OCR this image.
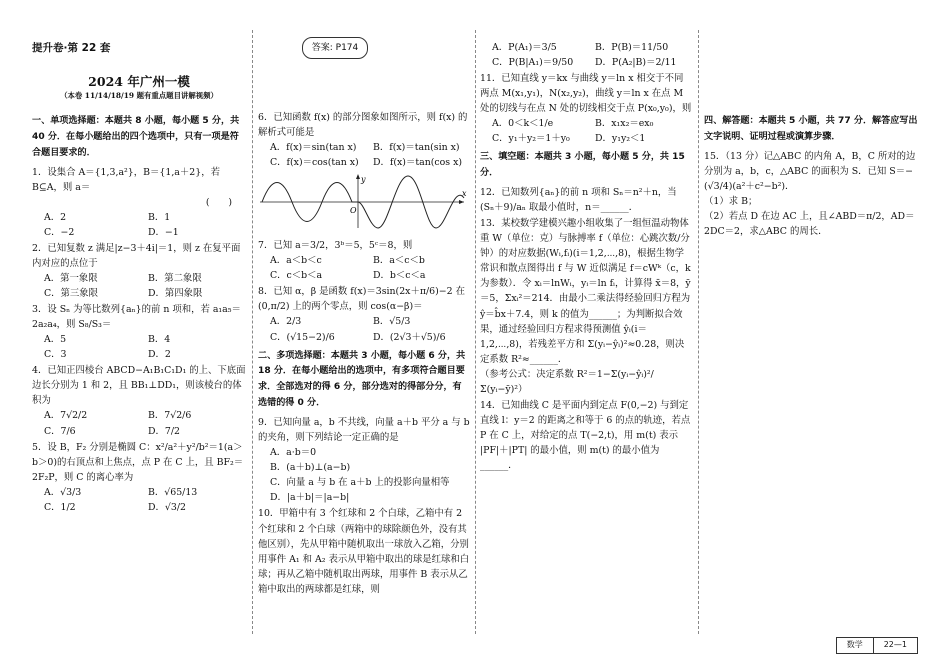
提升卷·第 22 套	答案: P174
2024 年广州一模
（本卷 11/14/18/19 题有重点题目讲解视频）
一、单项选择题：本题共 8 小题，每小题 5 分，共 40 分．在每小题给出的四个选项中，只有一项是符合题目要求的．
1．设集合 A＝{1,3,a²}，B＝{1,a＋2}，若 B⊆A，则 a＝
(　　)

A．2	B．1
C．−2	D．−1
2．已知复数 z 满足|z−3＋4i|＝1，则 z 在复平面内对应的点位于
A．第一象限	B．第二象限
C．第三象限	D．第四象限
3．设 Sₙ 为等比数列{aₙ}的前 n 项和，若 a₁a₅＝2a₂a₄，则 S₈/S₃＝
A．5	B．4
C．3	D．2
4．已知正四棱台 ABCD−A₁B₁C₁D₁ 的上、下底面边长分别为 1 和 2，且 BB₁⊥DD₁，则该棱台的体积为
A．7√2/2	B．7√2/6
C．7/6	D．7/2
5．设 B，F₂ 分别是椭圆 C：x²/a²＋y²/b²＝1(a＞b＞0)的右顶点和上焦点，点 P 在 C 上，且 BF₂＝2F₂P，则 C 的离心率为
A．√3/3	B．√65/13
C．1/2	D．√3/2
6．已知函数 f(x) 的部分图象如图所示，则 f(x) 的解析式可能是
A．f(x)＝sin(tan x)	B．f(x)＝tan(sin x)
C．f(x)＝cos(tan x)	D．f(x)＝tan(cos x)
x
y
O
7．已知 a＝3/2，3ᵇ＝5，5ᶜ＝8，则
A．a＜b＜c	B．a＜c＜b
C．c＜b＜a	D．b＜c＜a
8．已知 α，β 是函数 f(x)＝3sin(2x＋π/6)−2 在 (0,π/2) 上的两个零点，则 cos(α−β)＝
A．2/3	B．√5/3
C．(√15−2)/6	D．(2√3＋√5)/6
二、多项选择题：本题共 3 小题，每小题 6 分，共 18 分．在每小题给出的选项中，有多项符合题目要求．全部选对的得 6 分，部分选对的得部分分，有选错的得 0 分．
9．已知向量 a，b 不共线，向量 a＋b 平分 a 与 b 的夹角，则下列结论一定正确的是
A．a·b＝0
B．(a＋b)⊥(a−b)
C．向量 a 与 b 在 a＋b 上的投影向量相等
D．|a＋b|＝|a−b|
10．甲箱中有 3 个红球和 2 个白球，乙箱中有 2 个红球和 2 个白球（两箱中的球除颜色外，没有其他区别），先从甲箱中随机取出一球放入乙箱，分别用事件 A₁ 和 A₂ 表示从甲箱中取出的球是红球和白球；再从乙箱中随机取出两球，用事件 B 表示从乙箱中取出的两球都是红球，则
A．P(A₁)＝3/5	B．P(B)＝11/50
C．P(B|A₁)＝9/50	D．P(A₂|B)＝2/11
11．已知直线 y＝kx 与曲线 y＝ln x 相交于不同两点 M(x₁,y₁)，N(x₂,y₂)，曲线 y＝ln x 在点 M 处的切线与在点 N 处的切线相交于点 P(x₀,y₀)，则
A．0＜k＜1/e	B．x₁x₂＝ex₀
C．y₁＋y₂＝1＋y₀	D．y₁y₂＜1
三、填空题：本题共 3 小题，每小题 5 分，共 15 分．
12．已知数列{aₙ}的前 n 项和 Sₙ＝n²＋n，当 (Sₙ＋9)/aₙ 取最小值时，n＝______．
13．某校数学建模兴趣小组收集了一组恒温动物体重 W（单位：克）与脉搏率 f（单位：心跳次数/分钟）的对应数据(Wᵢ,fᵢ)(i＝1,2,⋯,8)，根据生物学常识和散点图得出 f 与 W 近似满足 f＝cWᵏ（c，k 为参数）．令 xᵢ＝lnWᵢ，yᵢ＝ln fᵢ，计算得 x̄＝8，ȳ＝5，Σxᵢ²＝214．由最小二乘法得经验回归方程为 ŷ＝b̂x＋7.4，则 k 的值为______；为判断拟合效果，通过经验回归方程求得预测值 ŷᵢ(i＝1,2,⋯,8)，若残差平方和 Σ(yᵢ−ŷᵢ)²≈0.28，则决定系数 R²≈______．
（参考公式：决定系数 R²＝1−Σ(yᵢ−ŷᵢ)²/Σ(yᵢ−ȳ)²）
14．已知曲线 C 是平面内到定点 F(0,−2) 与到定直线 l：y＝2 的距离之和等于 6 的点的轨迹，若点 P 在 C 上，对给定的点 T(−2,t)，用 m(t) 表示 |PF|＋|PT| 的最小值，则 m(t) 的最小值为______．
四、解答题：本题共 5 小题，共 77 分．解答应写出文字说明、证明过程或演算步骤．
15．（13 分）记△ABC 的内角 A，B，C 所对的边分别为 a，b，c，△ABC 的面积为 S．已知 S＝−(√3/4)(a²＋c²−b²)．
（1）求 B；
（2）若点 D 在边 AC 上，且∠ABD＝π/2，AD＝2DC＝2，求△ABC 的周长．
数学	22—1
